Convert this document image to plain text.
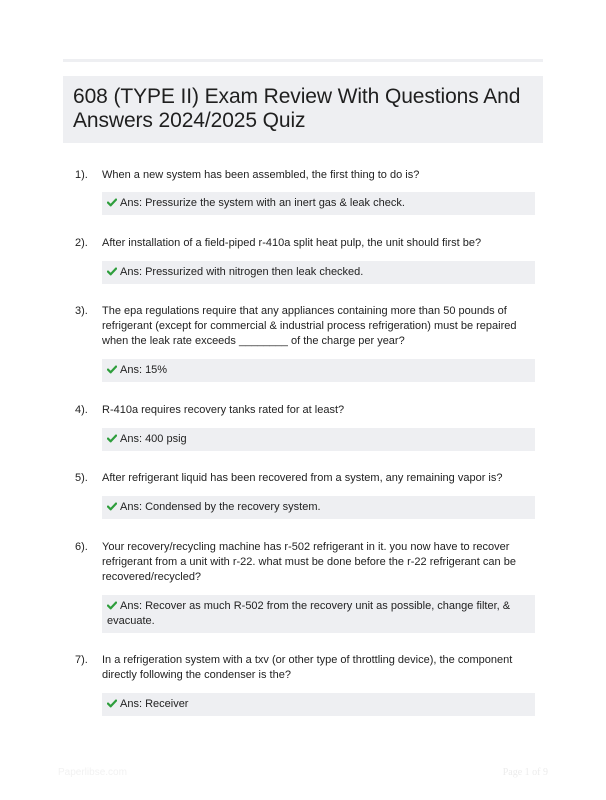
608 (TYPE II) Exam Review With Questions And Answers 2024/2025 Quiz
1). When a new system has been assembled, the first thing to do is?
Ans: Pressurize the system with an inert gas & leak check.
2). After installation of a field-piped r-410a split heat pulp, the unit should first be?
Ans: Pressurized with nitrogen then leak checked.
3). The epa regulations require that any appliances containing more than 50 pounds of refrigerant (except for commercial & industrial process refrigeration) must be repaired when the leak rate exceeds ________ of the charge per year?
Ans: 15%
4). R-410a requires recovery tanks rated for at least?
Ans: 400 psig
5). After refrigerant liquid has been recovered from a system, any remaining vapor is?
Ans: Condensed by the recovery system.
6). Your recovery/recycling machine has r-502 refrigerant in it. you now have to recover refrigerant from a unit with r-22. what must be done before the r-22 refrigerant can be recovered/recycled?
Ans: Recover as much R-502 from the recovery unit as possible, change filter, & evacuate.
7). In a refrigeration system with a txv (or other type of throttling device), the component directly following the condenser is the?
Ans: Receiver
Paperlibse.com	Page 1 of 9
